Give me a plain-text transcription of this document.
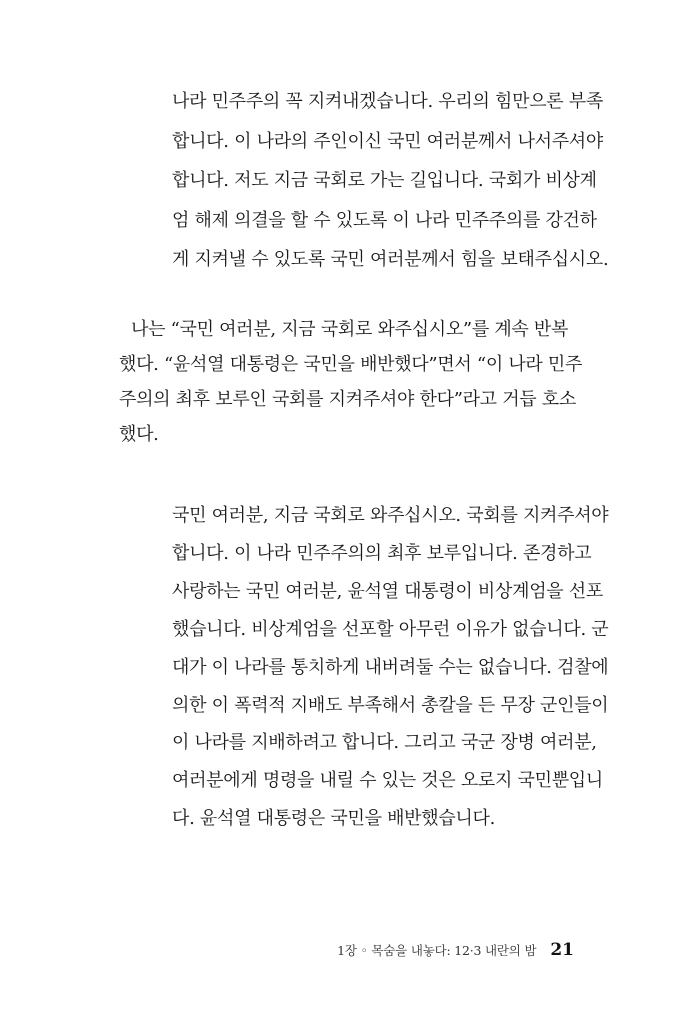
나라 민주주의 꼭 지켜내겠습니다. 우리의 힘만으론 부족
합니다. 이 나라의 주인이신 국민 여러분께서 나서주셔야
합니다. 저도 지금 국회로 가는 길입니다. 국회가 비상계
엄 해제 의결을 할 수 있도록 이 나라 민주주의를 강건하
게 지켜낼 수 있도록 국민 여러분께서 힘을 보태주십시오.
나는 “국민 여러분, 지금 국회로 와주십시오”를 계속 반복
했다. “윤석열 대통령은 국민을 배반했다”면서 “이 나라 민주
주의의 최후 보루인 국회를 지켜주셔야 한다”라고 거듭 호소
했다.
국민 여러분, 지금 국회로 와주십시오. 국회를 지켜주셔야
합니다. 이 나라 민주주의의 최후 보루입니다. 존경하고
사랑하는 국민 여러분, 윤석열 대통령이 비상계엄을 선포
했습니다. 비상계엄을 선포할 아무런 이유가 없습니다. 군
대가 이 나라를 통치하게 내버려둘 수는 없습니다. 검찰에
의한 이 폭력적 지배도 부족해서 총칼을 든 무장 군인들이
이 나라를 지배하려고 합니다. 그리고 국군 장병 여러분,
여러분에게 명령을 내릴 수 있는 것은 오로지 국민뿐입니
다. 윤석열 대통령은 국민을 배반했습니다.
1장 ◦ 목숨을 내놓다: 12·3 내란의 밤 21
